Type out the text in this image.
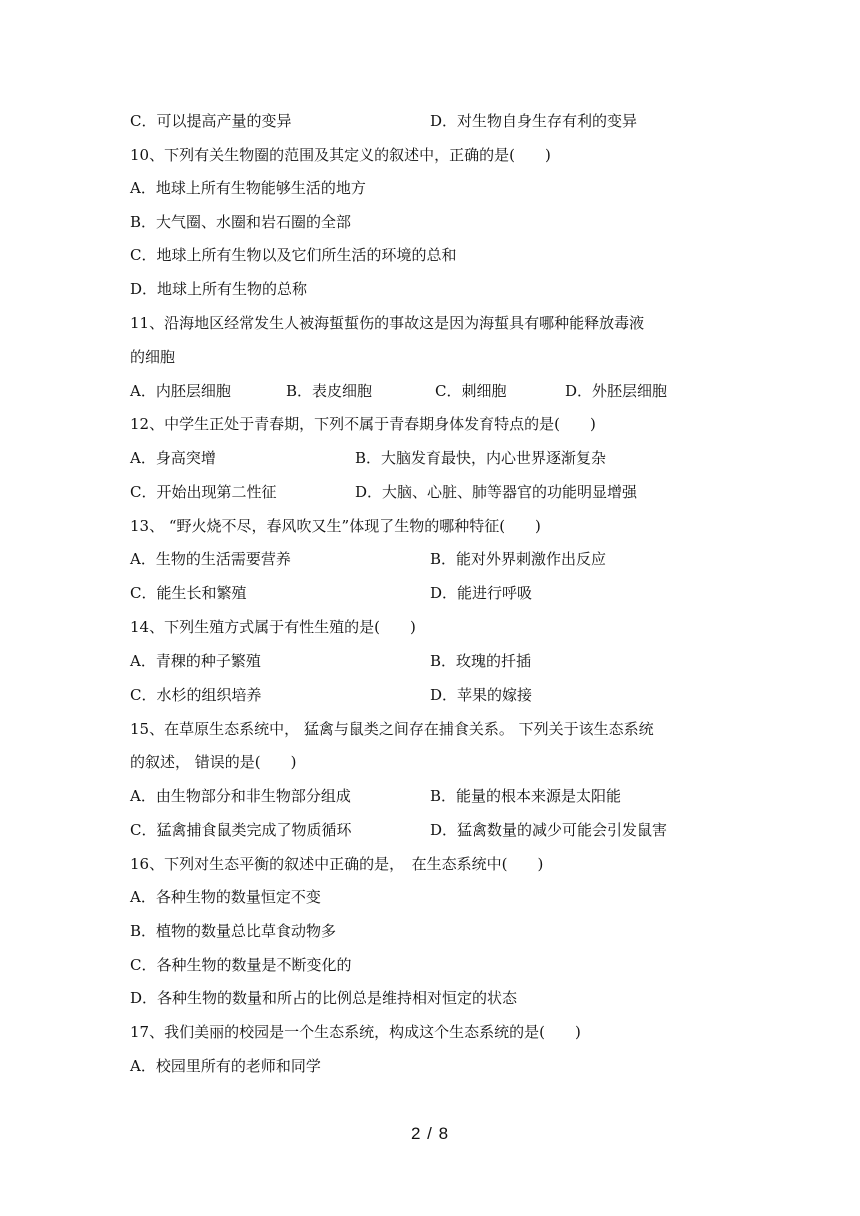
C．可以提高产量的变异	D．对生物自身生存有利的变异
10、下列有关生物圈的范围及其定义的叙述中，正确的是(　　)
A．地球上所有生物能够生活的地方
B．大气圈、水圈和岩石圈的全部
C．地球上所有生物以及它们所生活的环境的总和
D．地球上所有生物的总称
11、沿海地区经常发生人被海蜇蜇伤的事故这是因为海蜇具有哪种能释放毒液
的细胞
A．内胚层细胞	B．表皮细胞	C．刺细胞	D．外胚层细胞
12、中学生正处于青春期，下列不属于青春期身体发育特点的是(　　)
A．身高突增	B．大脑发育最快，内心世界逐渐复杂
C．开始出现第二性征	D．大脑、心脏、肺等器官的功能明显增强
13、 “野火烧不尽，春风吹又生”体现了生物的哪种特征(　　)
A．生物的生活需要营养	B．能对外界刺激作出反应
C．能生长和繁殖	D．能进行呼吸
14、下列生殖方式属于有性生殖的是(　　)
A．青稞的种子繁殖	B．玫瑰的扦插
C．水杉的组织培养	D．苹果的嫁接
15、在草原生态系统中， 猛禽与鼠类之间存在捕食关系。 下列关于该生态系统
的叙述， 错误的是(　　)
A．由生物部分和非生物部分组成	B．能量的根本来源是太阳能
C．猛禽捕食鼠类完成了物质循环	D．猛禽数量的减少可能会引发鼠害
16、下列对生态平衡的叙述中正确的是，　在生态系统中(　　)
A．各种生物的数量恒定不变
B．植物的数量总比草食动物多
C．各种生物的数量是不断变化的
D．各种生物的数量和所占的比例总是维持相对恒定的状态
17、我们美丽的校园是一个生态系统，构成这个生态系统的是(　　)
A．校园里所有的老师和同学
2 / 8
